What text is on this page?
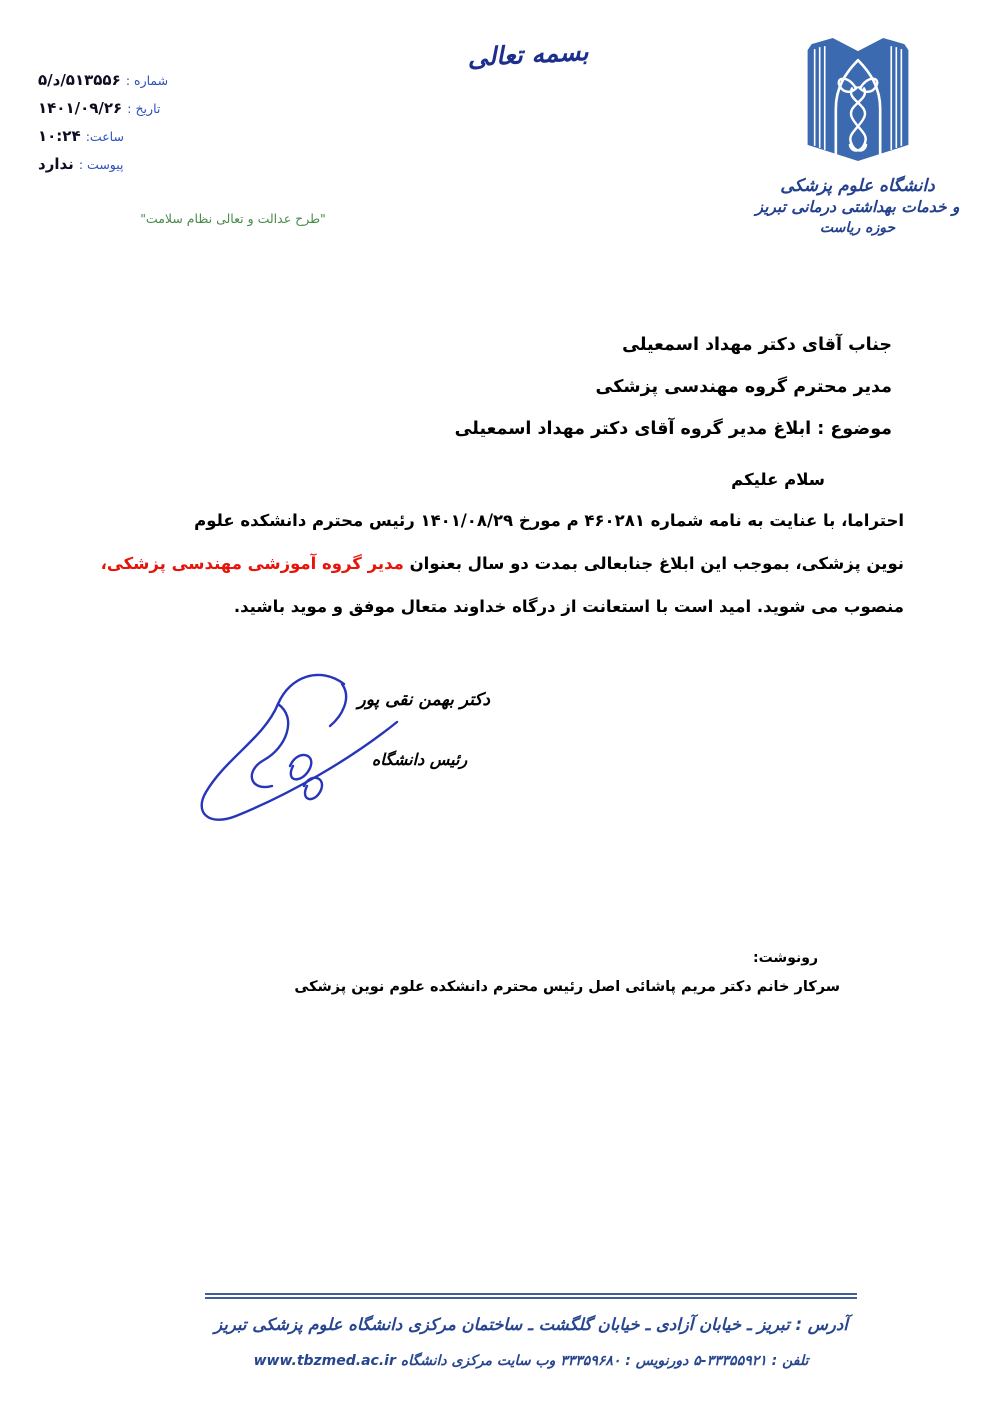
شماره : ۵/د/۵۱۳۵۵۶
تاریخ : ۱۴۰۱/۰۹/۲۶
ساعت: ۱۰:۲۴
پیوست : ندارد
"طرح عدالت و تعالی نظام سلامت"
بسمه تعالی
دانشگاه علوم پزشکی
و خدمات بهداشتی درمانی تبریز
حوزه ریاست
جناب آقای دکتر مهداد اسمعیلی
مدیر محترم گروه مهندسی پزشکی
موضوع : ابلاغ مدیر گروه آقای دکتر مهداد اسمعیلی
سلام علیکم
احتراما، با عنایت به نامه شماره ۴۶۰۲۸۱ م مورخ ۱۴۰۱/۰۸/۲۹ رئیس محترم دانشکده علوم
نوین پزشکی، بموجب این ابلاغ جنابعالی بمدت دو سال بعنوان مدیر گروه آموزشی مهندسی پزشکی،
منصوب می شوید. امید است با استعانت از درگاه خداوند متعال موفق و موید باشید.
دکتر بهمن نقی پور
رئیس دانشگاه
رونوشت:
سرکار خانم دکتر مریم پاشائی اصل رئیس محترم دانشکده علوم نوین پزشکی
آدرس : تبریز ـ خیابان آزادی ـ خیابان گلگشت ـ ساختمان مرکزی دانشگاه علوم پزشکی تبریز
تلفن : ۳۳۳۵۵۹۲۱-۵ دورنویس : ۳۳۳۵۹۶۸۰ وب سایت مرکزی دانشگاه www.tbzmed.ac.ir
